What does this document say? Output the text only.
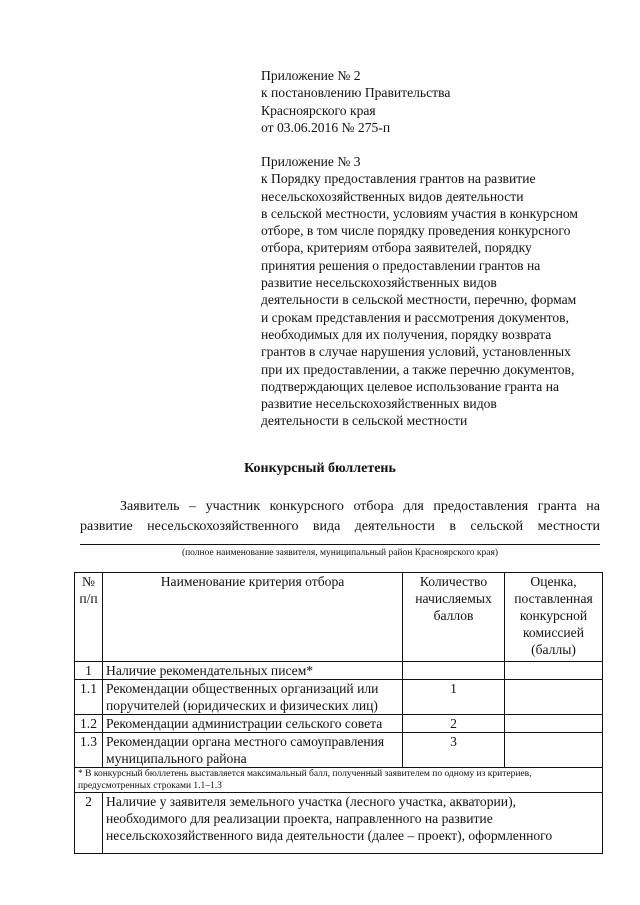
Приложение № 2
к постановлению Правительства
Красноярского края
от 03.06.2016 № 275-п
Приложение № 3
к Порядку предоставления грантов на развитие
несельскохозяйственных видов деятельности
в сельской местности, условиям участия в конкурсном
отборе, в том числе порядку проведения конкурсного
отбора, критериям отбора заявителей, порядку
принятия решения о предоставлении грантов на
развитие несельскохозяйственных видов
деятельности в сельской местности, перечню, формам
и срокам представления и рассмотрения документов,
необходимых для их получения, порядку возврата
грантов в случае нарушения условий, установленных
при их предоставлении, а также перечню документов,
подтверждающих целевое использование гранта на
развитие несельскохозяйственных видов
деятельности в сельской местности
Конкурсный бюллетень
Заявитель – участник конкурсного отбора для предоставления гранта на
развитие несельскохозяйственного вида деятельности в сельской местности
(полное наименование заявителя, муниципальный район Красноярского края)
№ п/п	Наименование критерия отбора	Количество начисляемых баллов	Оценка, поставленная конкурсной комиссией (баллы)
1	Наличие рекомендательных писем*		
1.1	Рекомендации общественных организаций или поручителей (юридических и физических лиц)	1	
1.2	Рекомендации администрации сельского совета	2	
1.3	Рекомендации органа местного самоуправления муниципального района	3	
* В конкурсный бюллетень выставляется максимальный балл, полученный заявителем по одному из критериев, предусмотренных строками 1.1–1.3			
2	Наличие у заявителя земельного участка (лесного участка, акватории), необходимого для реализации проекта, направленного на развитие несельскохозяйственного вида деятельности (далее – проект), оформленного		
